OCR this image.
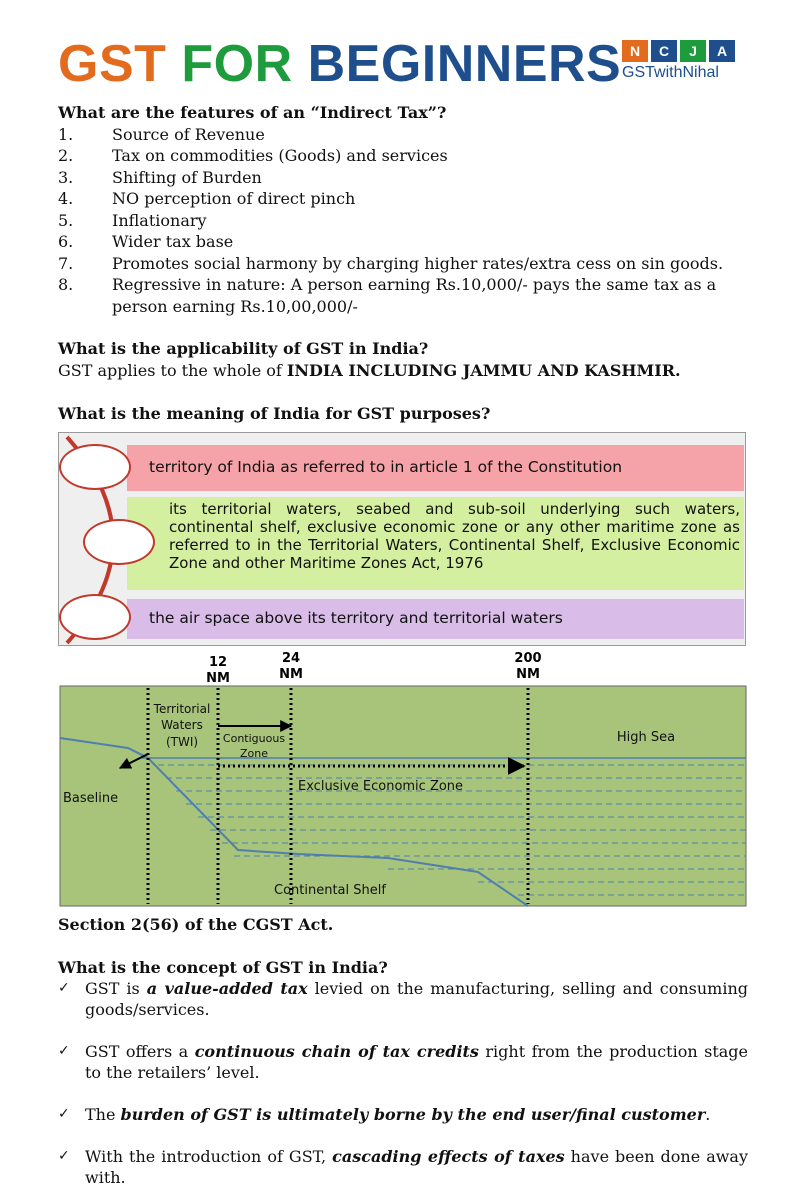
GST FOR BEGINNERS N	C	J	A
GSTwithNihal
What are the features of an “Indirect Tax”?
1.	Source of Revenue
2.	Tax on commodities (Goods) and services
3.	Shifting of Burden
4.	NO perception of direct pinch
5.	Inflationary
6.	Wider tax base
7.	Promotes social harmony by charging higher rates/extra cess on sin goods.
8.	Regressive in nature: A person earning Rs.10,000/- pays the same tax as a person earning Rs.10,00,000/-
What is the applicability of GST in India?
GST applies to the whole of INDIA INCLUDING JAMMU AND KASHMIR.
What is the meaning of India for GST purposes?
territory of India as referred to in article 1 of the Constitution
its territorial waters, seabed and sub-soil underlying such waters, continental shelf, exclusive economic zone or any other maritime zone as referred to in the Territorial Waters, Continental Shelf, Exclusive Economic Zone and other Maritime Zones Act, 1976
the air space above its territory and territorial waters
12
NM
24
NM
200
NM
Territorial
Waters
(TWI) Contiguous
Zone
High Sea
Baseline
Exclusive Economic Zone
Continental Shelf
Section 2(56) of the CGST Act.
What is the concept of GST in India?
✓ GST is a value-added tax levied on the manufacturing, selling and consuming goods/services.
✓ GST offers a continuous chain of tax credits right from the production stage to the retailers’ level.
✓ The burden of GST is ultimately borne by the end user/final customer.
✓ With the introduction of GST, cascading effects of taxes have been done away with.
